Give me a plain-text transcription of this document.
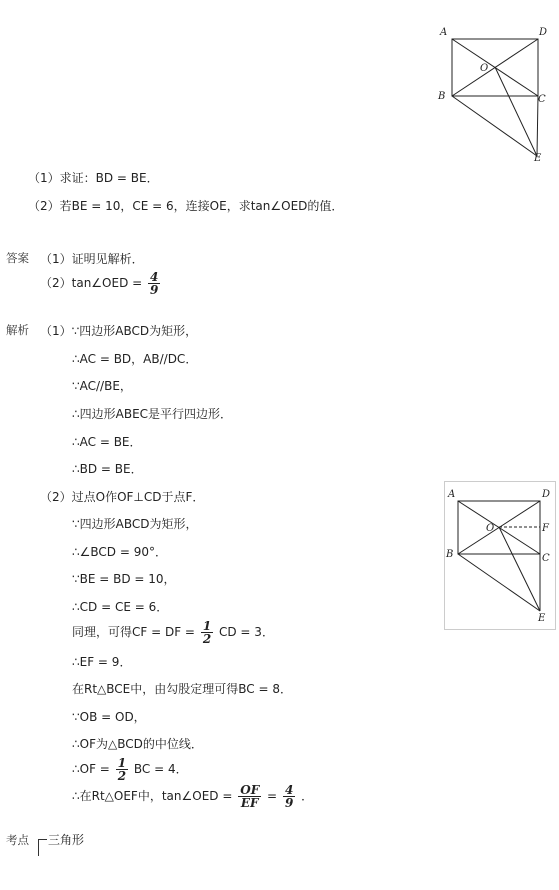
A	D
O
B	C
E
（1）求证：BD = BE．
（2）若BE = 10，CE = 6，连接OE，求tan∠OED的值．
答案 （1）证明见解析．
（2）tan∠OED = $\frac{4}{9}$
解析 （1）∵四边形ABCD为矩形，
∴AC = BD，AB//DC．
∵AC//BE，
∴四边形ABEC是平行四边形．
∴AC = BE．
∴BD = BE．
（2）过点O作OF⊥CD于点F．
∵四边形ABCD为矩形，
∴∠BCD = 90°．
∵BE = BD = 10，
∴CD = CE = 6．
同理，可得CF = DF = $\frac{1}{2}$ CD = 3．
∴EF = 9．
在Rt△BCE中，由勾股定理可得BC = 8．
∵OB = OD，
∴OF为△BCD的中位线．
∴OF = $\frac{1}{2}$ BC = 4．
∴在Rt△OEF中，tan∠OED = $\frac{OF}{EF} = \frac{4}{9}$ ．
A	D
O	F
B	C
E
考点 三角形
